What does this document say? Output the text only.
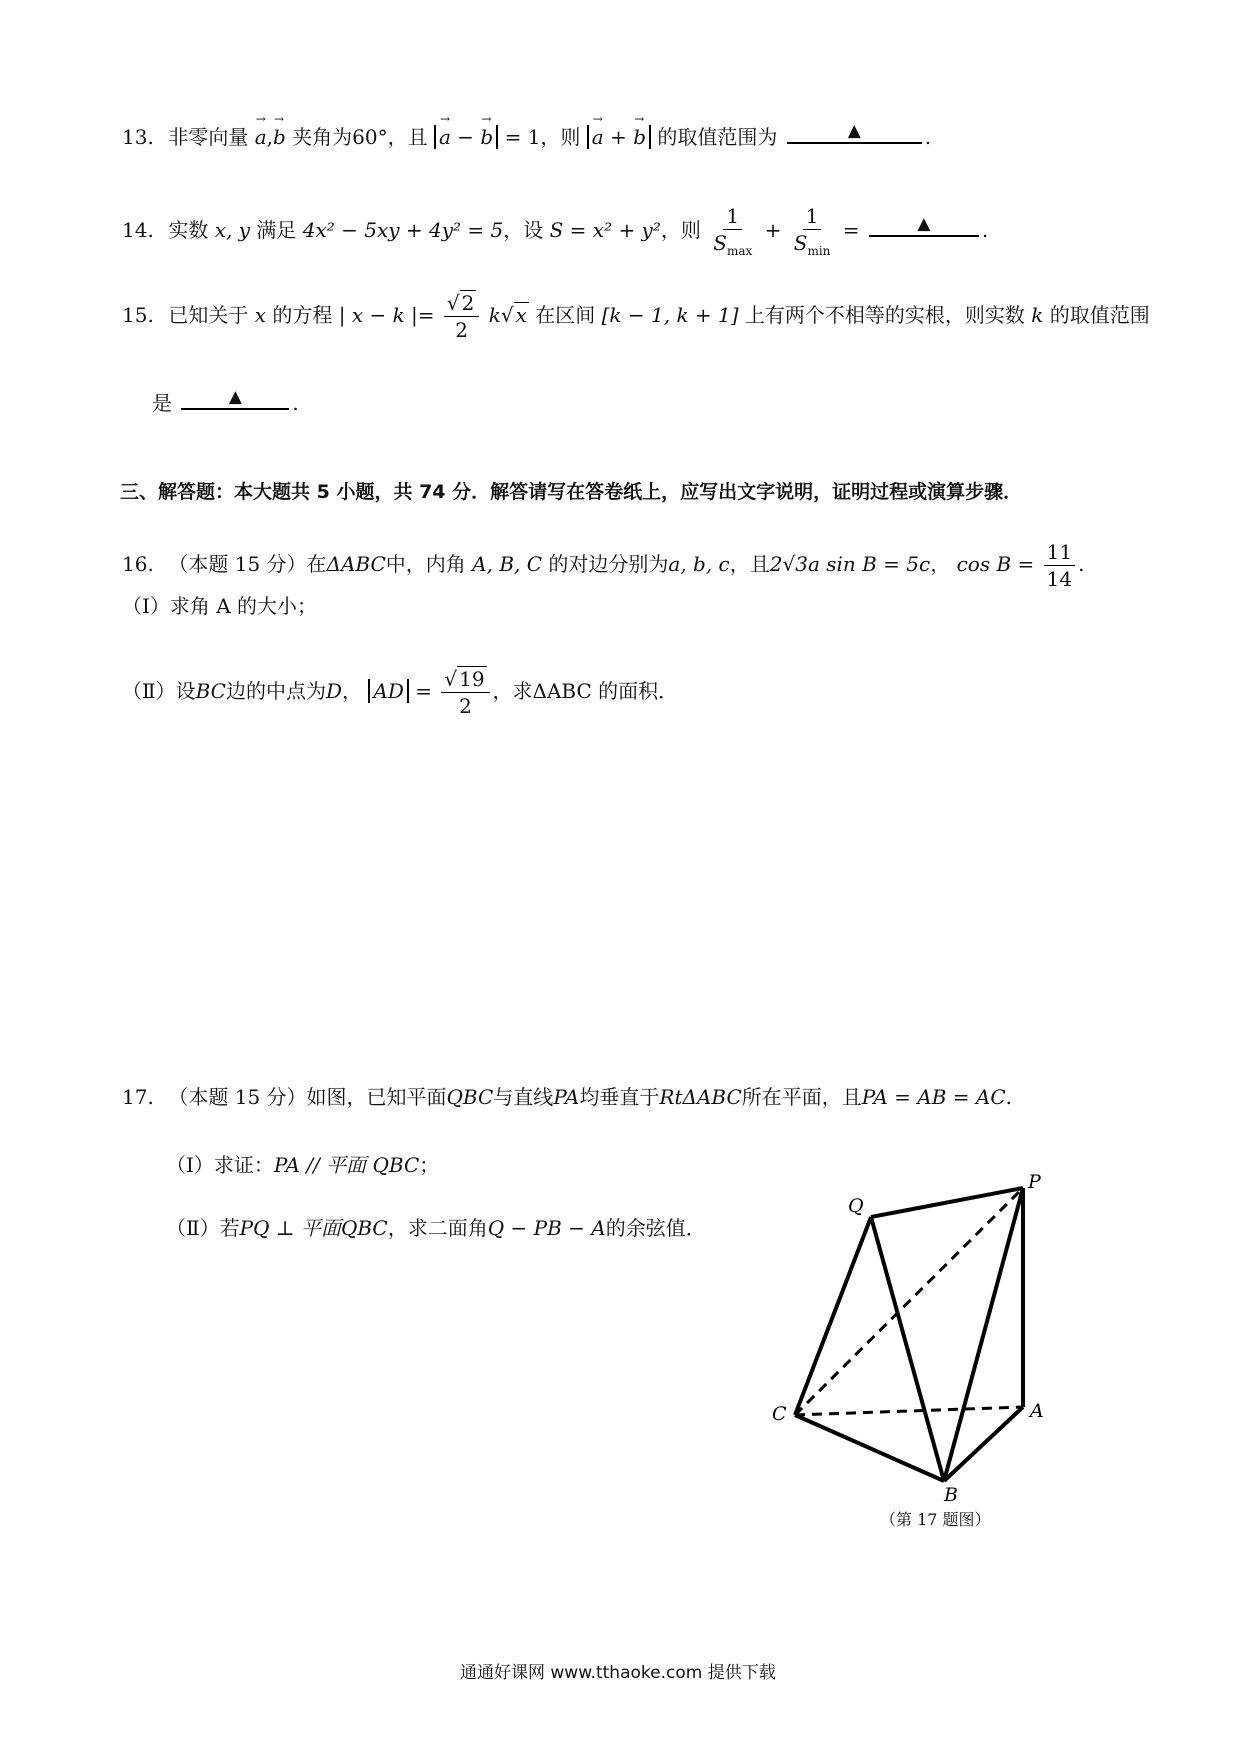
13. 非零向量 → a,→ b 夹角为60°，且 → a − → b = 1，则 → a + → b 的取值范围为	▲	.
14. 实数 x, y 满足 4x² − 5xy + 4y² = 5，设 S = x² + y²，则 $\frac{1}{S_{max}} + \frac{1}{S_{min}}$ =	▲	.
15. 已知关于 x 的方程 | x − k |= $\frac{√ 2}{2} k√$ x 在区间 [k − 1, k + 1] 上有两个不相等的实根，则实数 k 的取值范围
是	▲	.
三、解答题：本大题共 5 小题，共 74 分．解答请写在答卷纸上，应写出文字说明，证明过程或演算步骤．
16. （本题 15 分）在ΔABC中，内角 A, B, C 的对边分别为a, b, c，且2√3a sin B = 5c， $\cos B = \frac{11}{14}$ .
（Ⅰ）求角 A 的大小；
（Ⅱ）设BC边的中点为D， AD = $\frac{√ 19}{2}$ ，求ΔABC 的面积．
17. （本题 15 分）如图，已知平面QBC与直线PA均垂直于RtΔABC所在平面，且PA = AB = AC.
（Ⅰ）求证：PA // 平面 QBC；
（Ⅱ）若PQ ⊥ 平面QBC，求二面角Q − PB − A的余弦值．
P
Q
C	A
B
（第 17 题图）
通通好课网 www.tthaoke.com 提供下载
